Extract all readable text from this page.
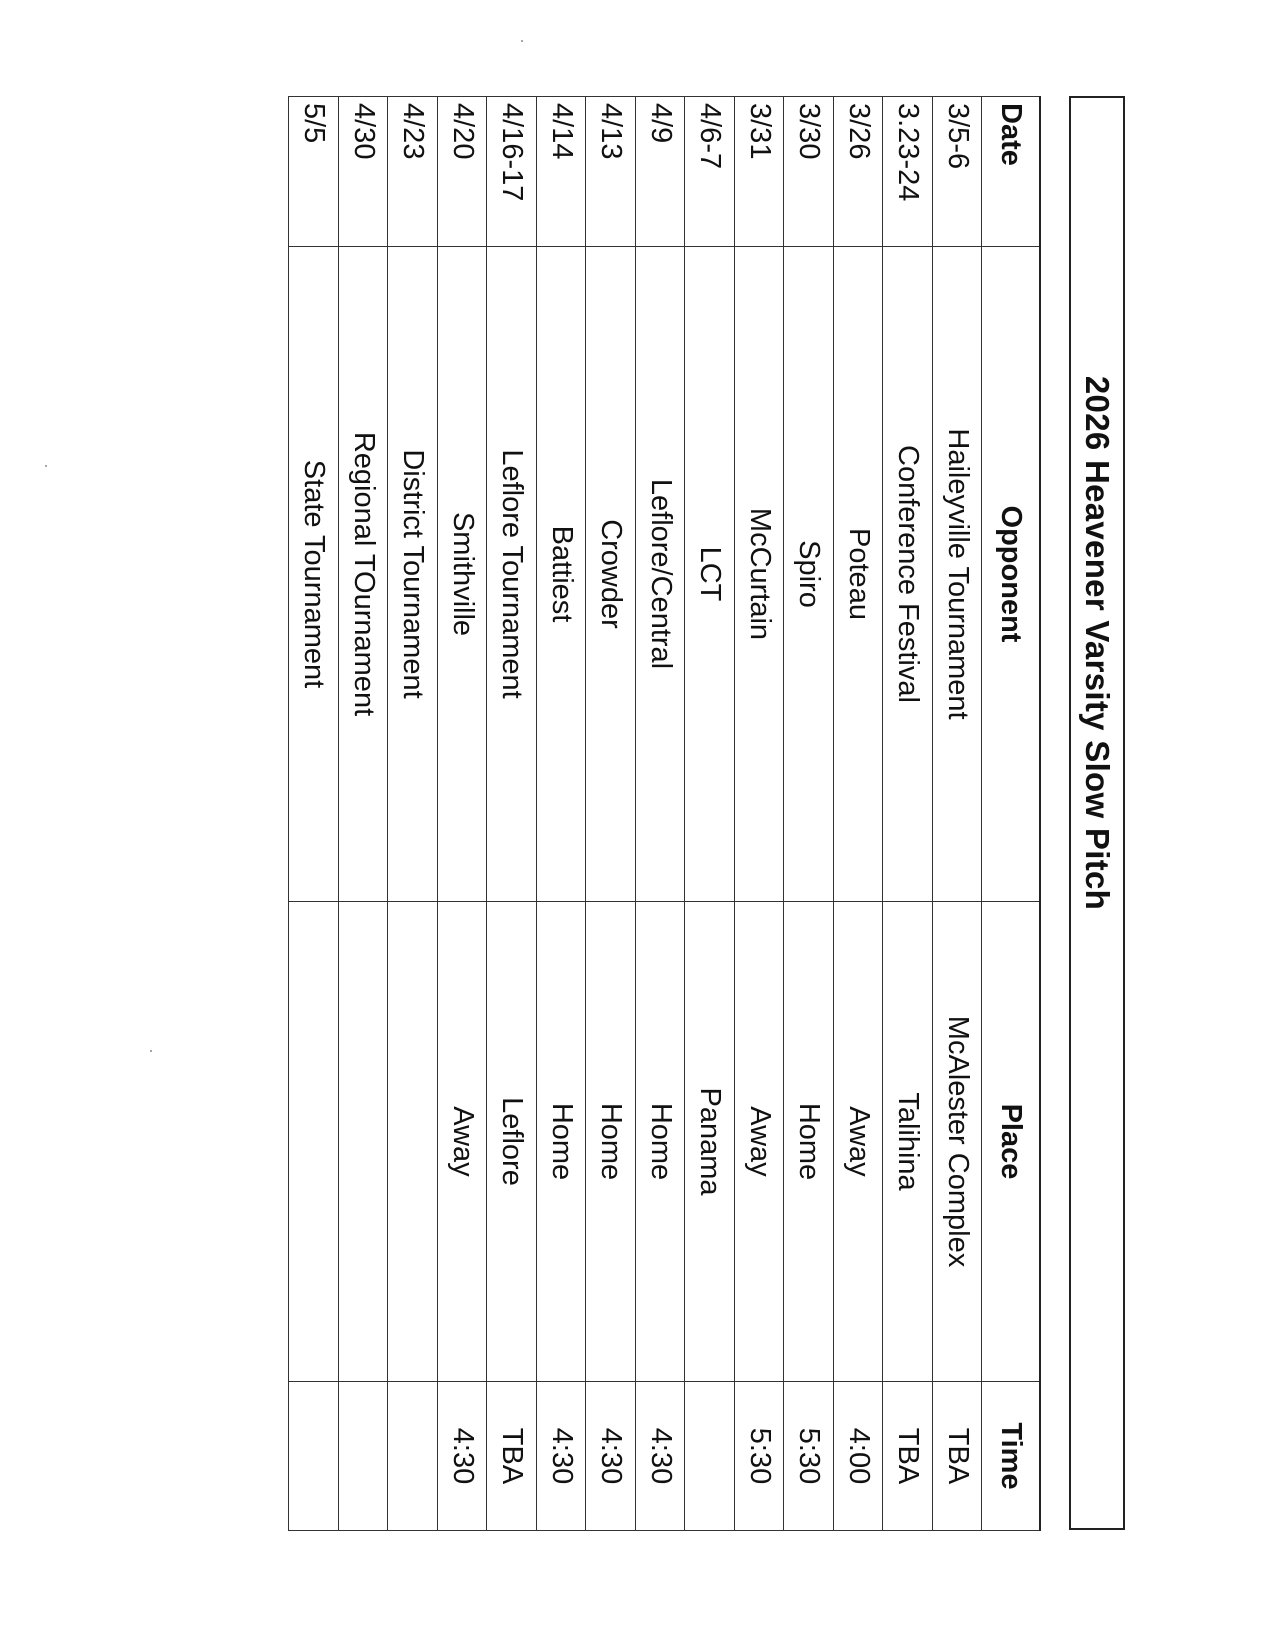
2026 Heavener Varsity Slow Pitch
Date	Opponent	Place	Time
3/5-6	Haileyville Tournament	McAlester Complex	TBA
3.23-24	Conference Festival	Talihina	TBA
3/26	Poteau	Away	4:00
3/30	Spiro	Home	5:30
3/31	McCurtain	Away	5:30
4/6-7	LCT	Panama	
4/9	Leflore/Central	Home	4:30
4/13	Crowder	Home	4:30
4/14	Battiest	Home	4:30
4/16-17	Leflore Tournament	Leflore	TBA
4/20	Smithville	Away	4:30
4/23	District Tournament		
4/30	Regional TOurnament		
5/5	State Tournament		
